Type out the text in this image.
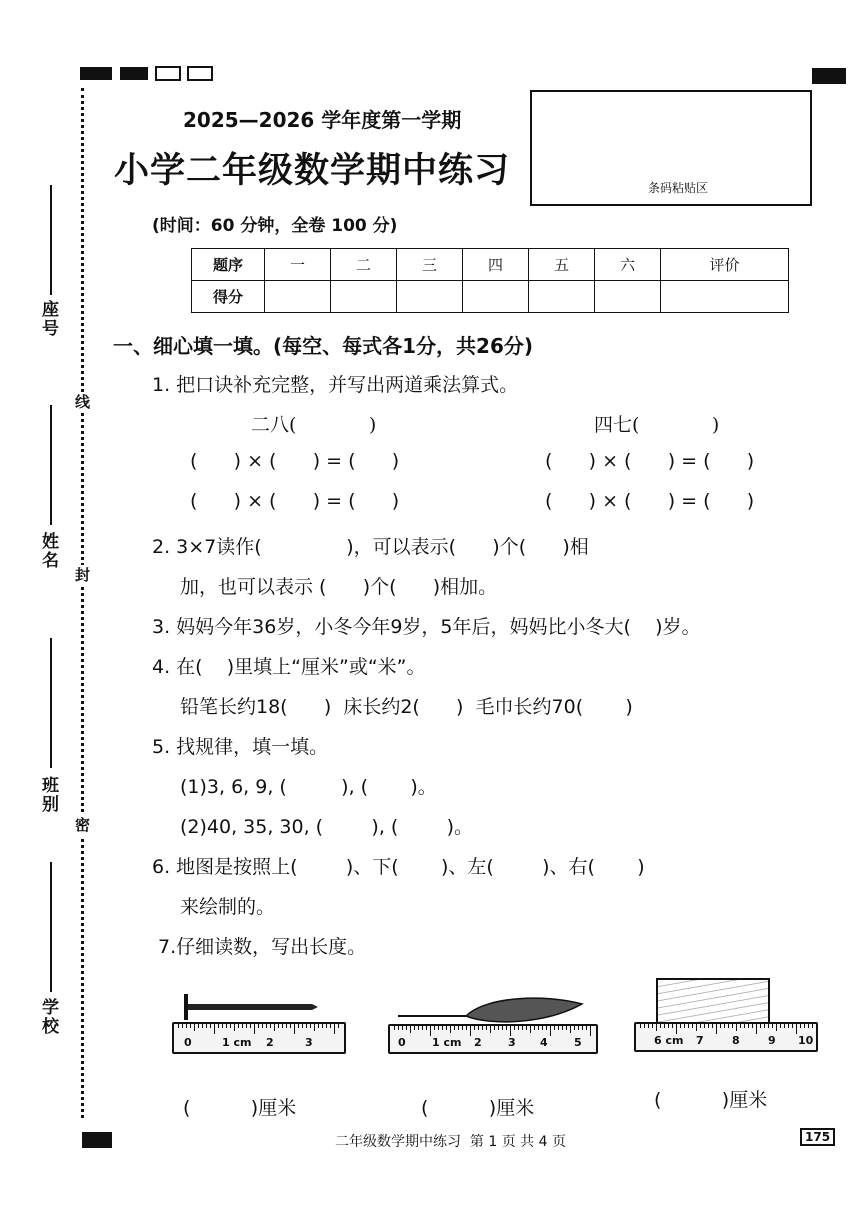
座号
姓名
班别
学校
线
封
密
2025—2026 学年度第一学期
小学二年级数学期中练习
(时间：60 分钟，全卷 100 分)
条码粘贴区
题序	一	二	三	四	五	六	评价
得分							
一、细心填一填。(每空、每式各1分，共26分)
1. 把口诀补充完整，并写出两道乘法算式。
二八(            )	四七(            )
(      ) × (      ) = (      )	(      ) × (      ) = (      )
(      ) × (      ) = (      )	(      ) × (      ) = (      )
2. 3×7读作(              )，可以表示(      )个(      )相
加，也可以表示 (      )个(      )相加。
3. 妈妈今年36岁，小冬今年9岁，5年后，妈妈比小冬大(    )岁。
4. 在(    )里填上“厘米”或“米”。
铅笔长约18(      )  床长约2(      )  毛巾长约70(       )
5. 找规律，填一填。
(1)3, 6, 9, (         ), (       )。
(2)40, 35, 30, (        ), (        )。
6. 地图是按照上(        )、下(       )、左(        )、右(       )
来绘制的。
7.仔细读数，写出长度。
0	1 cm 2	3	0 1 cm 2 3 4 5	6 cm 7	8	9 10
(          )厘米	(          )厘米	(          )厘米
二年级数学期中练习  第 1 页 共 4 页	175
